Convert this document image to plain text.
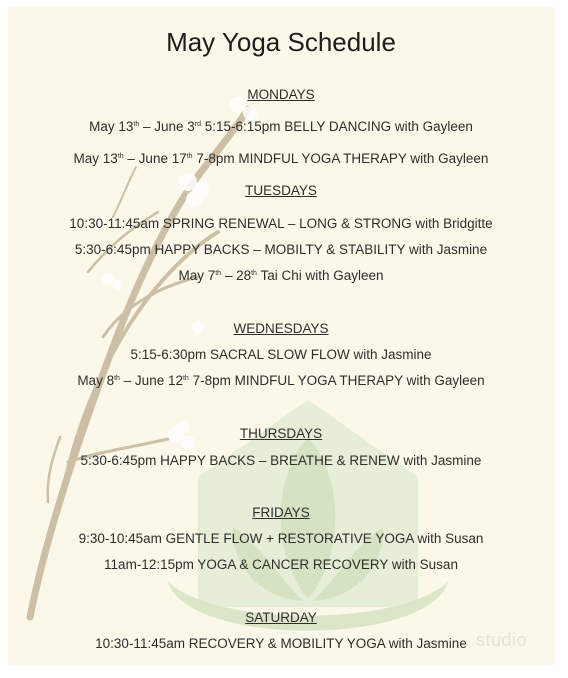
May Yoga Schedule
MONDAYS
May 13th – June 3rd 5:15-6:15pm BELLY DANCING with Gayleen
May 13th – June 17th 7-8pm MINDFUL YOGA THERAPY with Gayleen
TUESDAYS
10:30-11:45am SPRING RENEWAL – LONG & STRONG with Bridgitte
5:30-6:45pm HAPPY BACKS – MOBILTY & STABILITY with Jasmine
May 7th – 28th Tai Chi with Gayleen
WEDNESDAYS
5:15-6:30pm SACRAL SLOW FLOW with Jasmine
May 8th – June 12th 7-8pm MINDFUL YOGA THERAPY with Gayleen
THURSDAYS
5:30-6:45pm HAPPY BACKS – BREATHE & RENEW with Jasmine
FRIDAYS
9:30-10:45am GENTLE FLOW + RESTORATIVE YOGA with Susan
11am-12:15pm YOGA & CANCER RECOVERY with Susan
SATURDAY
10:30-11:45am RECOVERY & MOBILITY YOGA with Jasmine studio
